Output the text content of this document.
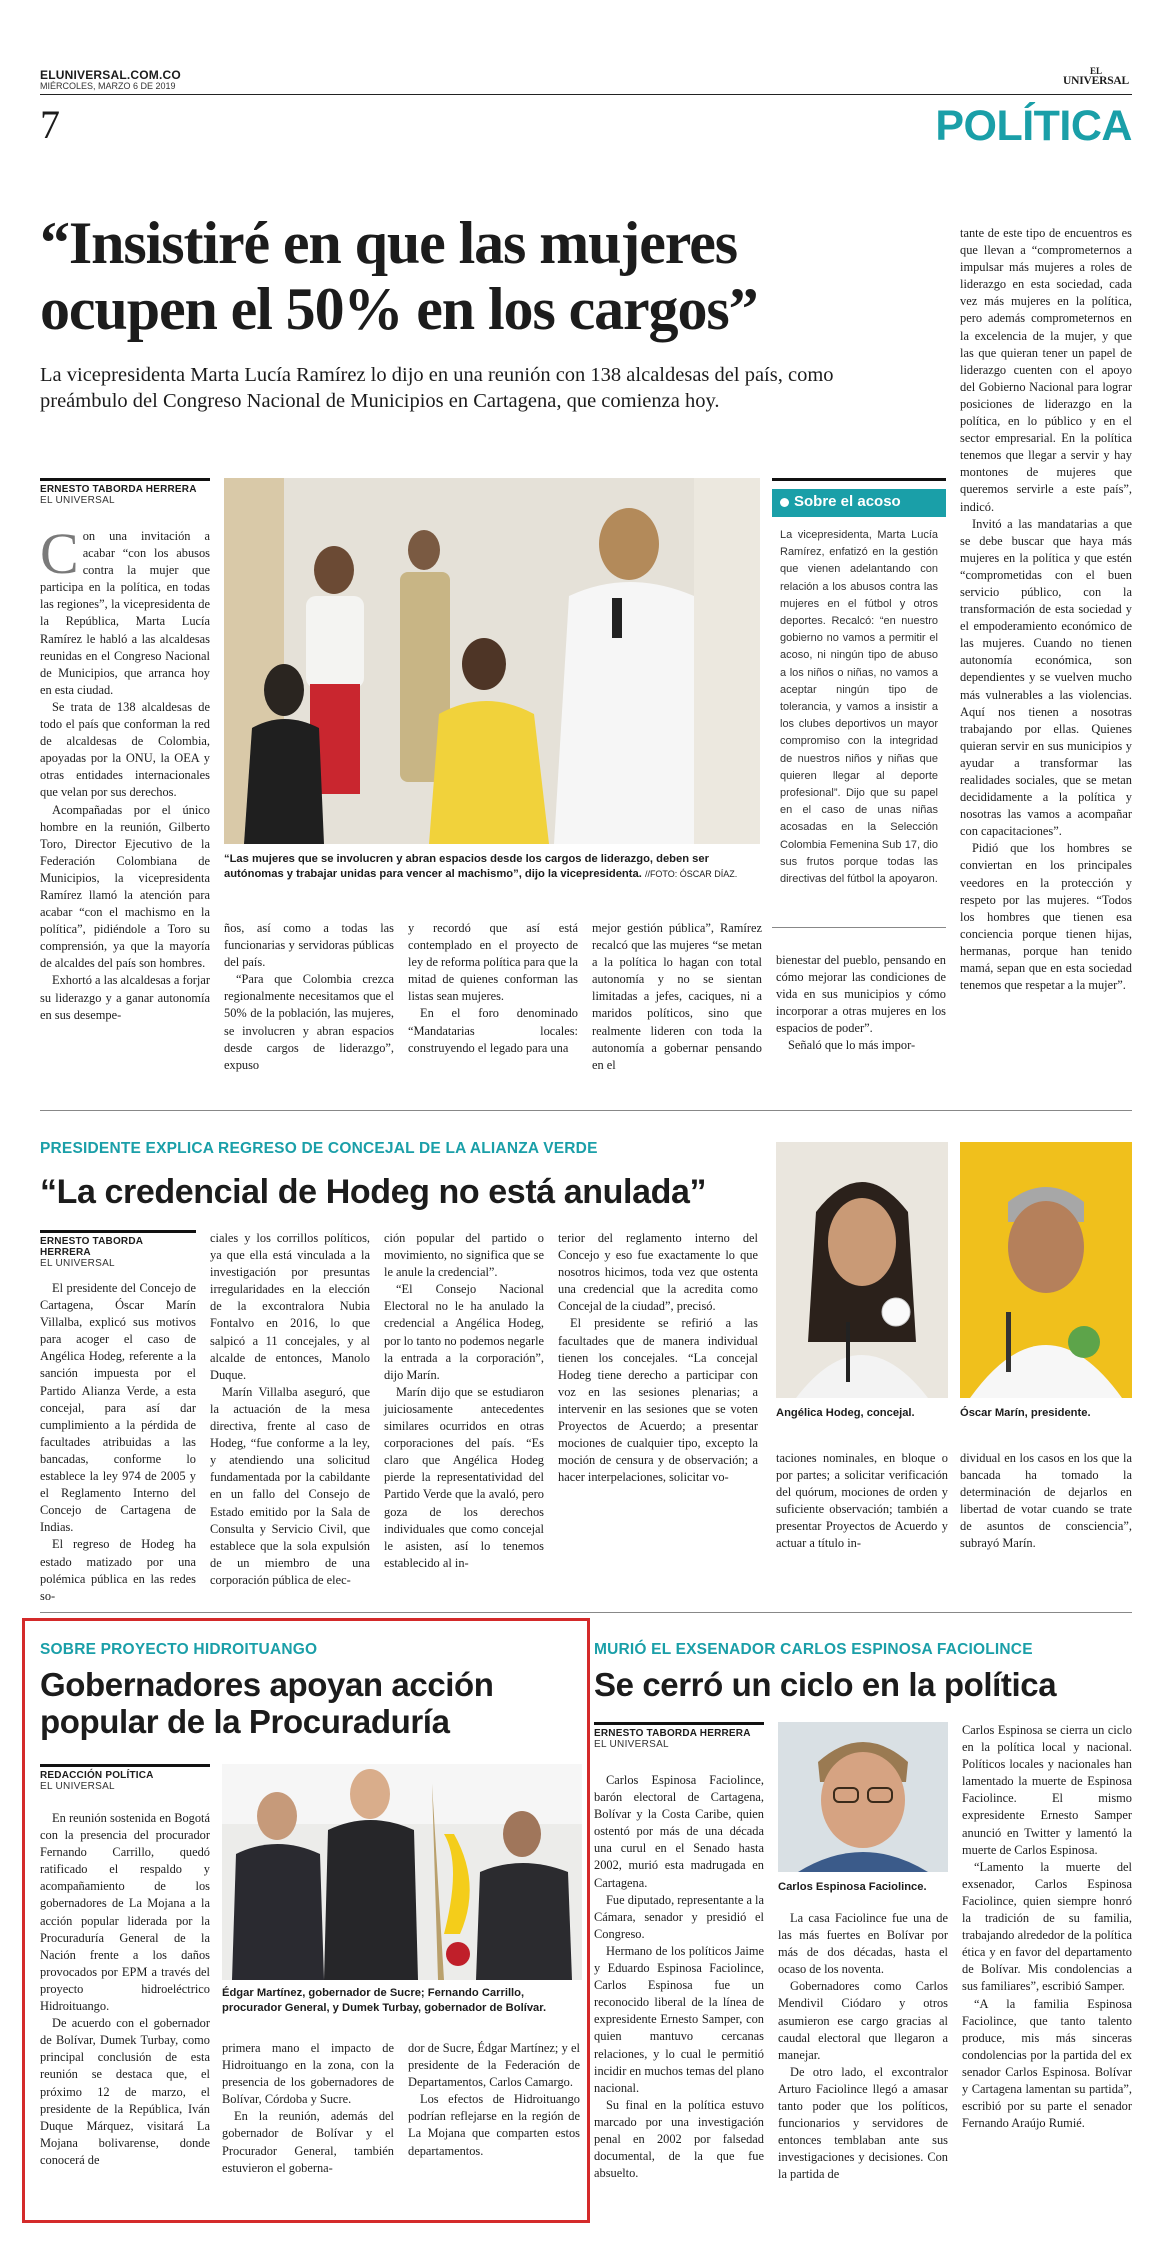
ELUNIVERSAL.COM.CO
MIÉRCOLES, MARZO 6 DE 2019
EL
UNIVERSAL
7	POLÍTICA
“Insistiré en que las mujeres
ocupen el 50% en los cargos”
La vicepresidenta Marta Lucía Ramírez lo dijo en una reunión con 138 alcaldesas del país, como
preámbulo del Congreso Nacional de Municipios en Cartagena, que comienza hoy.
ERNESTO TABORDA HERRERA
EL UNIVERSAL
C on una invitación a acabar “con los abusos contra la mujer que participa en la política, en todas las regiones”, la vicepresidenta de la República, Marta Lucía Ramírez le habló a las alcaldesas reunidas en el Congreso Nacional de Municipios, que arranca hoy en esta ciudad.

Se trata de 138 alcaldesas de todo el país que conforman la red de alcaldesas de Colombia, apoyadas por la ONU, la OEA y otras entidades internacionales que velan por sus derechos.

Acompañadas por el único hombre en la reunión, Gilberto Toro, Director Ejecutivo de la Federación Colombiana de Municipios, la vicepresidenta Ramírez llamó la atención para acabar “con el machismo en la política”, pidiéndole a Toro su comprensión, ya que la mayoría de alcaldes del país son hombres.

Exhortó a las alcaldesas a forjar su liderazgo y a ganar autonomía en sus desempe-

“Las mujeres que se involucren y abran espacios desde los cargos de liderazgo, deben ser autónomas y trabajar unidas para vencer al machismo”, dijo la vicepresidenta. //FOTO: ÓSCAR DÍAZ.
Sobre el acoso
La vicepresidenta, Marta Lucía Ramírez, enfatizó en la gestión que vienen adelantando con relación a los abusos contra las mujeres en el fútbol y otros deportes. Recalcó: “en nuestro gobierno no vamos a permitir el acoso, ni ningún tipo de abuso a los niños o niñas, no vamos a aceptar ningún tipo de tolerancia, y vamos a insistir a los clubes deportivos un mayor compromiso con la integridad de nuestros niños y niñas que quieren llegar al deporte profesional”. Dijo que su papel en el caso de unas niñas acosadas en la Selección Colombia Femenina Sub 17, dio sus frutos porque todas las directivas del fútbol la apoyaron.
ños, así como a todas las funcionarias y servidoras públicas del país.

“Para que Colombia crezca regionalmente necesitamos que el 50% de la población, las mujeres, se involucren y abran espacios desde cargos de liderazgo”, expuso

y recordó que así está contemplado en el proyecto de ley de reforma política para que la mitad de quienes conforman las listas sean mujeres.

En el foro denominado “Mandatarias locales: construyendo el legado para una

mejor gestión pública”, Ramírez recalcó que las mujeres “se metan a la política lo hagan con total autonomía y no se sientan limitadas a jefes, caciques, ni a maridos políticos, sino que realmente lideren con toda la autonomía a gobernar pensando en el
bienestar del pueblo, pensando en cómo mejorar las condiciones de vida en sus municipios y cómo incorporar a otras mujeres en los espacios de poder”.

Señaló que lo más impor-

tante de este tipo de encuentros es que llevan a “comprometernos a impulsar más mujeres a roles de liderazgo en esta sociedad, cada vez más mujeres en la política, pero además comprometernos en la excelencia de la mujer, y que las que quieran tener un papel de liderazgo cuenten con el apoyo del Gobierno Nacional para lograr posiciones de liderazgo en la política, en lo público y en el sector empresarial. En la política tenemos que llegar a servir y hay montones de mujeres que queremos servirle a este país”, indicó.

Invitó a las mandatarias a que se debe buscar que haya más mujeres en la política y que estén “comprometidas con el buen servicio público, con la transformación de esta sociedad y el empoderamiento económico de las mujeres. Cuando no tienen autonomía económica, son dependientes y se vuelven mucho más vulnerables a las violencias. Aquí nos tienen a nosotras trabajando por ellas. Quienes quieran servir en sus municipios y ayudar a transformar las realidades sociales, que se metan decididamente a la política y nosotras las vamos a acompañar con capacitaciones”.

Pidió que los hombres se conviertan en los principales veedores en la protección y respeto por las mujeres. “Todos los hombres que tienen esa conciencia porque tienen hijas, hermanas, porque han tenido mamá, sepan que en esta sociedad tenemos que respetar a la mujer”.

PRESIDENTE EXPLICA REGRESO DE CONCEJAL DE LA ALIANZA VERDE
“La credencial de Hodeg no está anulada”
ERNESTO TABORDA HERRERA
EL UNIVERSAL

El presidente del Concejo de Cartagena, Óscar Marín Villalba, explicó sus motivos para acoger el caso de Angélica Hodeg, referente a la sanción impuesta por el Partido Alianza Verde, a esta concejal, para así dar cumplimiento a la pérdida de facultades atribuidas a las bancadas, conforme lo establece la ley 974 de 2005 y el Reglamento Interno del Concejo de Cartagena de Indias.

El regreso de Hodeg ha estado matizado por una polémica pública en las redes so-

ciales y los corrillos políticos, ya que ella está vinculada a la investigación por presuntas irregularidades en la elección de la excontralora Nubia Fontalvo en 2016, lo que salpicó a 11 concejales, y al alcalde de entonces, Manolo Duque.

Marín Villalba aseguró, que la actuación de la mesa directiva, frente al caso de Hodeg, “fue conforme a la ley, y atendiendo una solicitud fundamentada por la cabildante en un fallo del Consejo de Estado emitido por la Sala de Consulta y Servicio Civil, que establece que la sola expulsión de un miembro de una corporación pública de elec-

ción popular del partido o movimiento, no significa que se le anule la credencial”.

“El Consejo Nacional Electoral no le ha anulado la credencial a Angélica Hodeg, por lo tanto no podemos negarle la entrada a la corporación”, dijo Marín.

Marín dijo que se estudiaron juiciosamente antecedentes similares ocurridos en otras corporaciones del país. “Es claro que Angélica Hodeg pierde la representatividad del Partido Verde que la avaló, pero goza de los derechos individuales que como concejal le asisten, así lo tenemos establecido al in-

terior del reglamento interno del Concejo y eso fue exactamente lo que nosotros hicimos, toda vez que ostenta una credencial que la acredita como Concejal de la ciudad”, precisó.

El presidente se refirió a las facultades que de manera individual tienen los concejales. “La concejal Hodeg tiene derecho a participar con voz en las sesiones plenarias; a intervenir en las sesiones que se voten Proyectos de Acuerdo; a presentar mociones de cualquier tipo, excepto la moción de censura y de observación; a hacer interpelaciones, solicitar vo-

Angélica Hodeg, concejal.	Óscar Marín, presidente.
taciones nominales, en bloque o por partes; a solicitar verificación del quórum, mociones de orden y suficiente observación; también a presentar Proyectos de Acuerdo y actuar a título in-
dividual en los casos en los que la bancada ha tomado la determinación de dejarlos en libertad de votar cuando se trate de asuntos de consciencia”, subrayó Marín.
SOBRE PROYECTO HIDROITUANGO
Gobernadores apoyan acción
popular de la Procuraduría
REDACCIÓN POLÍTICA
EL UNIVERSAL

En reunión sostenida en Bogotá con la presencia del procurador Fernando Carrillo, quedó ratificado el respaldo y acompañamiento de los gobernadores de La Mojana a la acción popular liderada por la Procuraduría General de la Nación frente a los daños provocados por EPM a través del proyecto hidroeléctrico Hidroituango.

De acuerdo con el gobernador de Bolívar, Dumek Turbay, como principal conclusión de esta reunión se destaca que, el próximo 12 de marzo, el presidente de la República, Iván Duque Márquez, visitará La Mojana bolivarense, donde conocerá de

Édgar Martínez, gobernador de Sucre; Fernando Carrillo, procurador General, y Dumek Turbay, gobernador de Bolívar.
primera mano el impacto de Hidroituango en la zona, con la presencia de los gobernadores de Bolívar, Córdoba y Sucre.

En la reunión, además del gobernador de Bolívar y el Procurador General, también estuvieron el goberna-

dor de Sucre, Édgar Martínez; y el presidente de la Federación de Departamentos, Carlos Camargo.

Los efectos de Hidroituango podrían reflejarse en la región de La Mojana que comparten estos departamentos.

MURIÓ EL EXSENADOR CARLOS ESPINOSA FACIOLINCE
Se cerró un ciclo en la política
ERNESTO TABORDA HERRERA
EL UNIVERSAL

Carlos Espinosa Faciolince, barón electoral de Cartagena, Bolívar y la Costa Caribe, quien ostentó por más de una década una curul en el Senado hasta 2002, murió esta madrugada en Cartagena.

Fue diputado, representante a la Cámara, senador y presidió el Congreso.

Hermano de los políticos Jaime y Eduardo Espinosa Faciolince, Carlos Espinosa fue un reconocido liberal de la línea de expresidente Ernesto Samper, con quien mantuvo cercanas relaciones, y lo cual le permitió incidir en muchos temas del plano nacional.

Su final en la política estuvo marcado por una investigación penal en 2002 por falsedad documental, de la que fue absuelto.

Carlos Espinosa Faciolince.

La casa Faciolince fue una de las más fuertes en Bolívar por más de dos décadas, hasta el ocaso de los noventa.

Gobernadores como Carlos Mendivil Ciódaro y otros asumieron ese cargo gracias al caudal electoral que llegaron a manejar.

De otro lado, el excontralor Arturo Faciolince llegó a amasar tanto poder que los políticos, funcionarios y servidores de entonces temblaban ante sus investigaciones y decisiones. Con la partida de

Carlos Espinosa se cierra un ciclo en la política local y nacional. Políticos locales y nacionales han lamentado la muerte de Espinosa Faciolince. El mismo expresidente Ernesto Samper anunció en Twitter y lamentó la muerte de Carlos Espinosa.

“Lamento la muerte del exsenador, Carlos Espinosa Faciolince, quien siempre honró la tradición de su familia, trabajando alrededor de la política ética y en favor del departamento de Bolívar. Mis condolencias a sus familiares”, escribió Samper.

“A la familia Espinosa Faciolince, que tanto talento produce, mis más sinceras condolencias por la partida del ex senador Carlos Espinosa. Bolívar y Cartagena lamentan su partida”, escribió por su parte el senador Fernando Araújo Rumié.
